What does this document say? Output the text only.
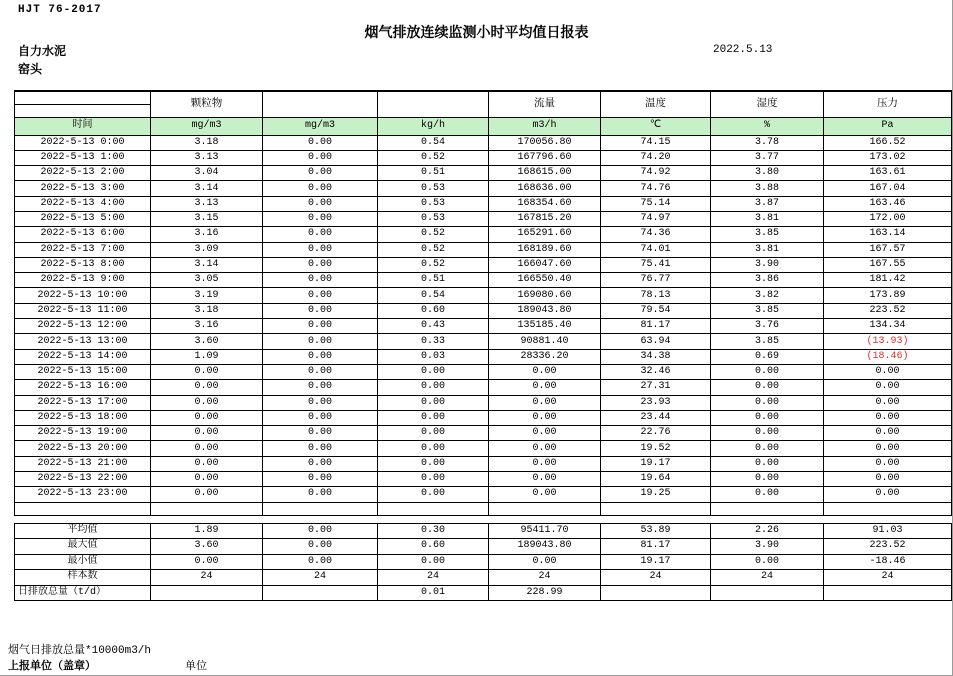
HJT 76-2017
烟气排放连续监测小时平均值日报表
2022.5.13
自力水泥
窑头
	颗粒物			流量	温度	湿度	压力

时间	mg/m3	mg/m3	kg/h	m3/h	℃	%	Pa
2022-5-13 0:00	3.18	0.00	0.54	170056.80	74.15	3.78	166.52
2022-5-13 1:00	3.13	0.00	0.52	167796.60	74.20	3.77	173.02
2022-5-13 2:00	3.04	0.00	0.51	168615.00	74.92	3.80	163.61
2022-5-13 3:00	3.14	0.00	0.53	168636.00	74.76	3.88	167.04
2022-5-13 4:00	3.13	0.00	0.53	168354.60	75.14	3.87	163.46
2022-5-13 5:00	3.15	0.00	0.53	167815.20	74.97	3.81	172.00
2022-5-13 6:00	3.16	0.00	0.52	165291.60	74.36	3.85	163.14
2022-5-13 7:00	3.09	0.00	0.52	168189.60	74.01	3.81	167.57
2022-5-13 8:00	3.14	0.00	0.52	166047.60	75.41	3.90	167.55
2022-5-13 9:00	3.05	0.00	0.51	166550.40	76.77	3.86	181.42
2022-5-13 10:00	3.19	0.00	0.54	169080.60	78.13	3.82	173.89
2022-5-13 11:00	3.18	0.00	0.60	189043.80	79.54	3.85	223.52
2022-5-13 12:00	3.16	0.00	0.43	135185.40	81.17	3.76	134.34
2022-5-13 13:00	3.60	0.00	0.33	90881.40	63.94	3.85	(13.93)
2022-5-13 14:00	1.09	0.00	0.03	28336.20	34.38	0.69	(18.46)
2022-5-13 15:00	0.00	0.00	0.00	0.00	32.46	0.00	0.00
2022-5-13 16:00	0.00	0.00	0.00	0.00	27.31	0.00	0.00
2022-5-13 17:00	0.00	0.00	0.00	0.00	23.93	0.00	0.00
2022-5-13 18:00	0.00	0.00	0.00	0.00	23.44	0.00	0.00
2022-5-13 19:00	0.00	0.00	0.00	0.00	22.76	0.00	0.00
2022-5-13 20:00	0.00	0.00	0.00	0.00	19.52	0.00	0.00
2022-5-13 21:00	0.00	0.00	0.00	0.00	19.17	0.00	0.00
2022-5-13 22:00	0.00	0.00	0.00	0.00	19.64	0.00	0.00
2022-5-13 23:00	0.00	0.00	0.00	0.00	19.25	0.00	0.00

平均值	1.89	0.00	0.30	95411.70	53.89	2.26	91.03
最大值	3.60	0.00	0.60	189043.80	81.17	3.90	223.52
最小值	0.00	0.00	0.00	0.00	19.17	0.00	-18.46
样本数	24	24	24	24	24	24	24
日排放总量（t/d）			0.01	228.99			
烟气日排放总量*10000m3/h
上报单位（盖章）	单位
